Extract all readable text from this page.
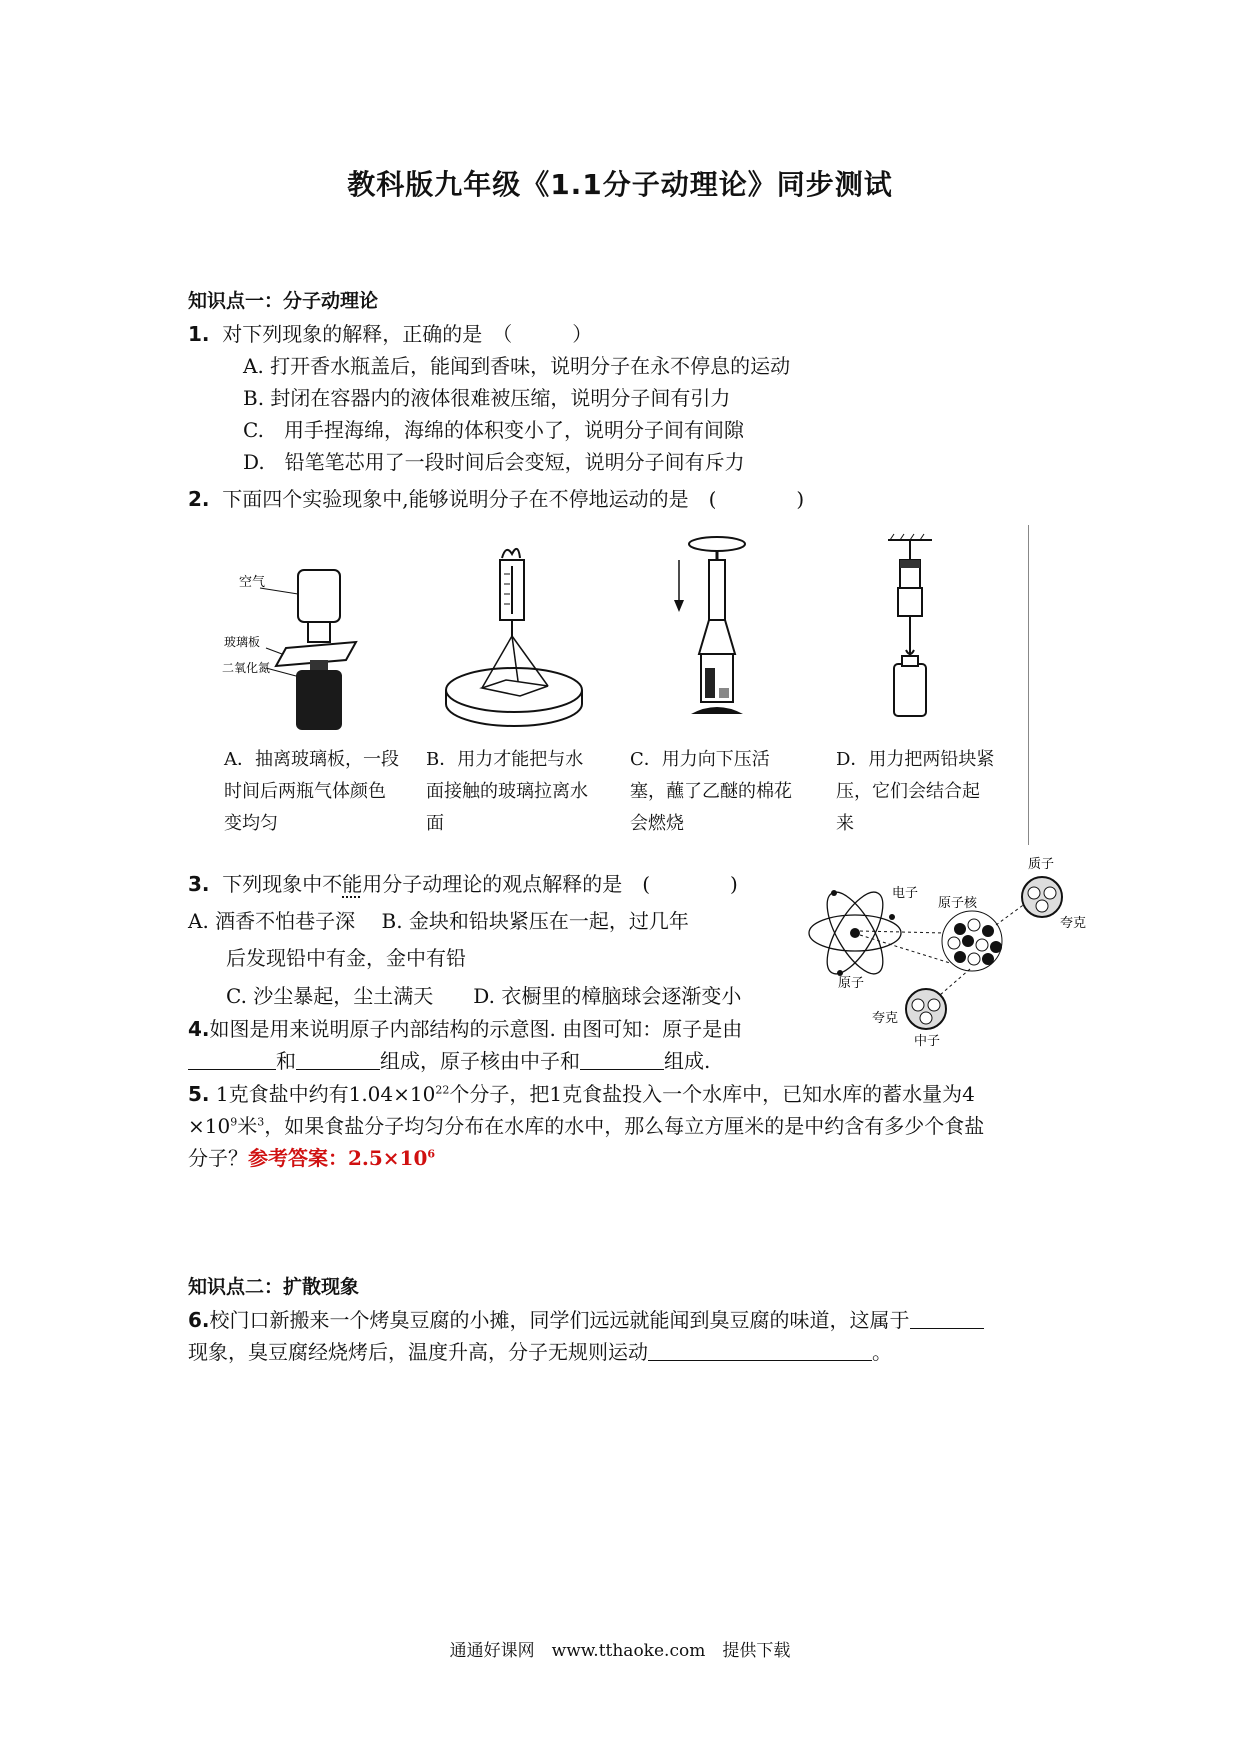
教科版九年级《1.1分子动理论》同步测试
知识点一：分子动理论
1. 对下列现象的解释，正确的是　（　　　）
A. 打开香水瓶盖后，能闻到香味，说明分子在永不停息的运动
B. 封闭在容器内的液体很难被压缩，说明分子间有引力
C.　用手捏海绵，海绵的体积变小了，说明分子间有间隙
D.　铅笔笔芯用了一段时间后会变短，说明分子间有斥力
2. 下面四个实验现象中,能够说明分子在不停地运动的是　(　　　　)
空气
玻璃板
二氧化氮
A．抽离玻璃板，一段时间后两瓶气体颜色变均匀
B．用力才能把与水面接触的玻璃拉离水面
C．用力向下压活塞，蘸了乙醚的棉花会燃烧
D．用力把两铅块紧压，它们会结合起来
3. 下列现象中不能用分子动理论的观点解释的是　(　　　　)
A. 酒香不怕巷子深　 B. 金块和铅块紧压在一起，过几年
后发现铅中有金，金中有铅
C. 沙尘暴起，尘土满天　　D. 衣橱里的樟脑球会逐渐变小
电子
原子核
质子
夸克
原子
夸克
中子
4.如图是用来说明原子内部结构的示意图. 由图可知：原子是由
和	组成，原子核由中子和	组成.
5. 1克食盐中约有$1.04\times 10^{22}$个分子，把1克食盐投入一个水库中，已知水库的蓄水量为4
$\times 10^9$米$^3$，如果食盐分子均匀分布在水库的水中，那么每立方厘米的是中约含有多少个食盐
分子？参考答案：$2.5\times 10^6$
知识点二：扩散现象
6.校门口新搬来一个烤臭豆腐的小摊，同学们远远就能闻到臭豆腐的味道，这属于
现象，臭豆腐经烧烤后，温度升高，分子无规则运动	。
通通好课网　www.tthaoke.com　提供下载
